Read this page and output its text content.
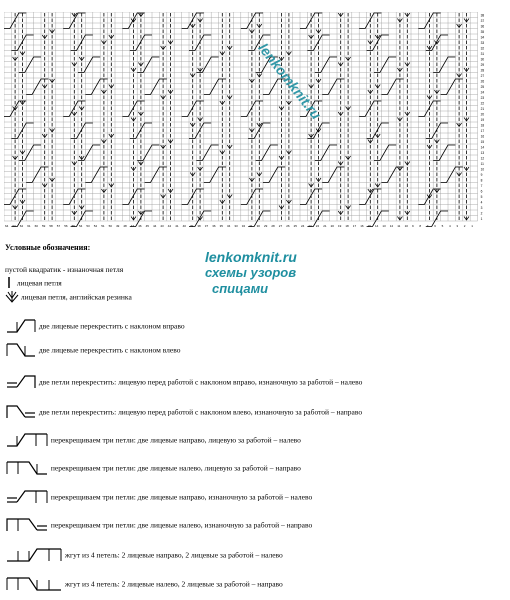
1
2
3
4
5
6
7
8
9
10
11
12
13
14
15
16
17
18
19
20
21
22
23
24
25
26
27
28
29
30
31
32
33
34
35
36
37
38
64 63 62 61 60 59 58 57 56 55 54 53 52 51 50 49 48 47 46 45 44 43 42 41 40 39 38 37 36 35 34 33 32 31 30 29 28 27 26 25 24 23 22 21 20 19 18 17 16 15 14 13 12 11 10 9 8 7 6 5 4 3 2 1
lenkomknit.ru
Условные обозначения:
lenkomknit.ru
схемы узоров
спицами
пустой квадратик - изнаночная петля
лицевая петля
лицевая петля, английская резинка
две лицевые перекрестить с наклоном вправо
две лицевые перекрестить с наклоном влево
две петли перекрестить: лицевую перед работой с наклоном вправо, изнаночную за работой – налево
две петли перекрестить: лицевую перед работой с наклоном влево, изнаночную за работой – направо
перекрещиваем три петли: две лицевые направо, лицевую за работой – налево
перекрещиваем три петли: две лицевые налево, лицевую за работой – направо
перекрещиваем три петли: две лицевые направо, изнаночную за работой – налево
перекрещиваем три петли: две лицевые налево, изнаночную за работой – направо
жгут из 4 петель: 2 лицевые направо, 2 лицевые за работой – налево
жгут из 4 петель: 2 лицевые налево, 2 лицевые за работой – направо
